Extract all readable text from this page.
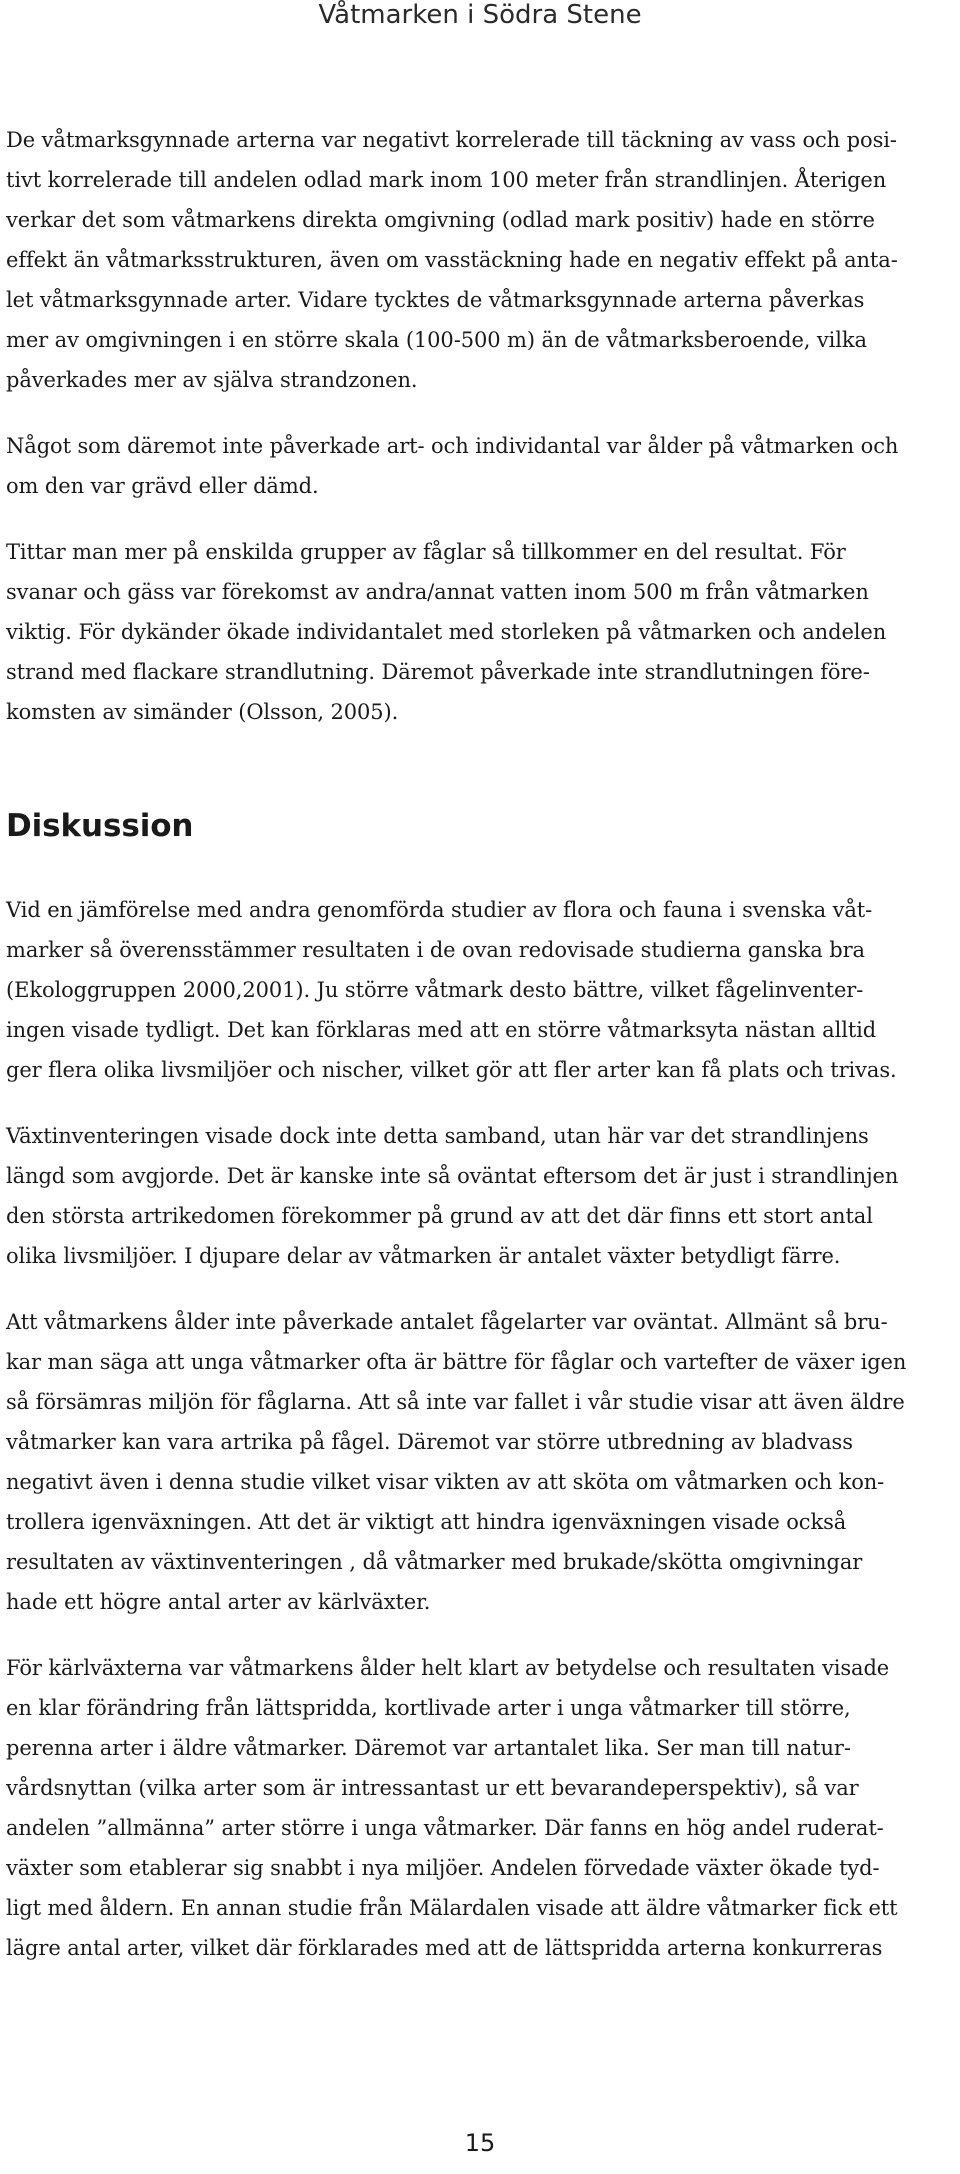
Våtmarken i Södra Stene
De våtmarksgynnade arterna var negativt korrelerade till täckning av vass och posi-
tivt korrelerade till andelen odlad mark inom 100 meter från strandlinjen. Återigen
verkar det som våtmarkens direkta omgivning (odlad mark positiv) hade en större
effekt än våtmarksstrukturen, även om vasstäckning hade en negativ effekt på anta-
let våtmarksgynnade arter. Vidare tycktes de våtmarksgynnade arterna påverkas
mer av omgivningen i en större skala (100-500 m) än de våtmarksberoende, vilka
påverkades mer av själva strandzonen.
Något som däremot inte påverkade art- och individantal var ålder på våtmarken och
om den var grävd eller dämd.
Tittar man mer på enskilda grupper av fåglar så tillkommer en del resultat. För
svanar och gäss var förekomst av andra/annat vatten inom 500 m från våtmarken
viktig. För dykänder ökade individantalet med storleken på våtmarken och andelen
strand med flackare strandlutning. Däremot påverkade inte strandlutningen före-
komsten av simänder (Olsson, 2005).
Diskussion
Vid en jämförelse med andra genomförda studier av flora och fauna i svenska våt-
marker så överensstämmer resultaten i de ovan redovisade studierna ganska bra
(Ekologgruppen 2000,2001). Ju större våtmark desto bättre, vilket fågelinventer-
ingen visade tydligt. Det kan förklaras med att en större våtmarksyta nästan alltid
ger flera olika livsmiljöer och nischer, vilket gör att fler arter kan få plats och trivas.
Växtinventeringen visade dock inte detta samband, utan här var det strandlinjens
längd som avgjorde. Det är kanske inte så oväntat eftersom det är just i strandlinjen
den största artrikedomen förekommer på grund av att det där finns ett stort antal
olika livsmiljöer. I djupare delar av våtmarken är antalet växter betydligt färre.
Att våtmarkens ålder inte påverkade antalet fågelarter var oväntat. Allmänt så bru-
kar man säga att unga våtmarker ofta är bättre för fåglar och vartefter de växer igen
så försämras miljön för fåglarna. Att så inte var fallet i vår studie visar att även äldre
våtmarker kan vara artrika på fågel. Däremot var större utbredning av bladvass
negativt även i denna studie vilket visar vikten av att sköta om våtmarken och kon-
trollera igenväxningen. Att det är viktigt att hindra igenväxningen visade också
resultaten av växtinventeringen , då våtmarker med brukade/skötta omgivningar
hade ett högre antal arter av kärlväxter.
För kärlväxterna var våtmarkens ålder helt klart av betydelse och resultaten visade
en klar förändring från lättspridda, kortlivade arter i unga våtmarker till större,
perenna arter i äldre våtmarker. Däremot var artantalet lika. Ser man till natur-
vårdsnyttan (vilka arter som är intressantast ur ett bevarandeperspektiv), så var
andelen ”allmänna” arter större i unga våtmarker. Där fanns en hög andel ruderat-
växter som etablerar sig snabbt i nya miljöer. Andelen förvedade växter ökade tyd-
ligt med åldern. En annan studie från Mälardalen visade att äldre våtmarker fick ett
lägre antal arter, vilket där förklarades med att de lättspridda arterna konkurreras
15
